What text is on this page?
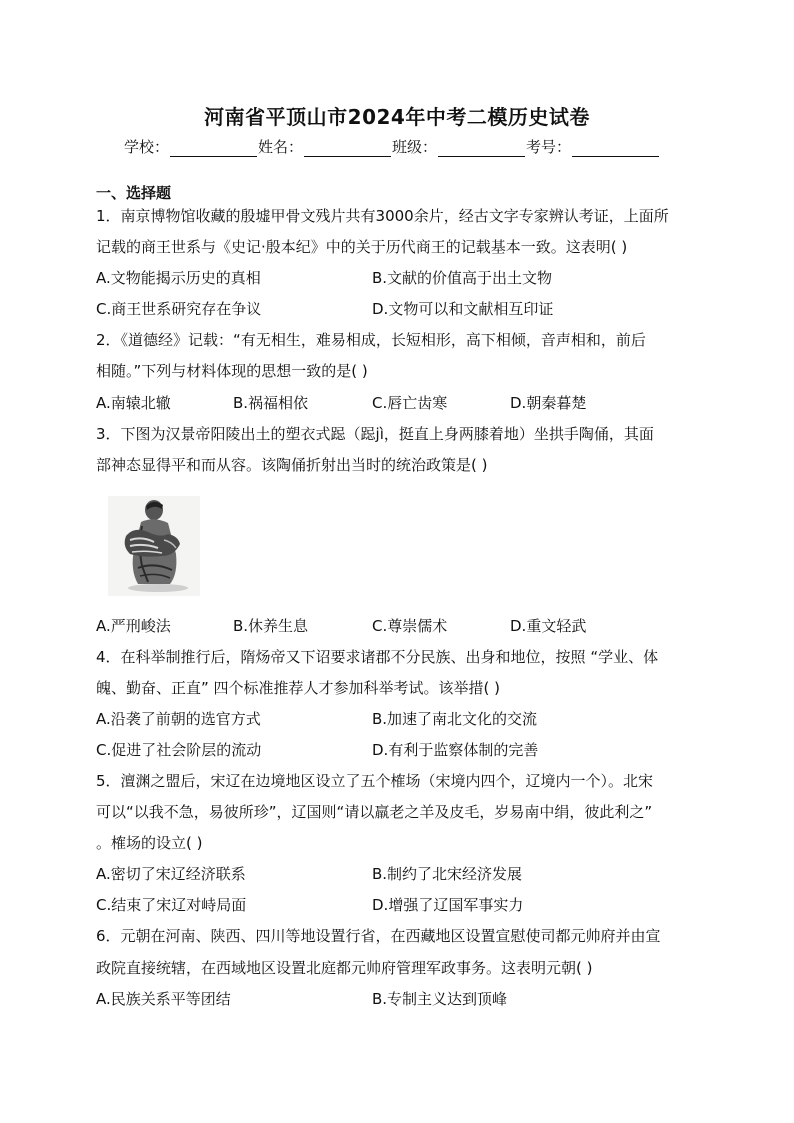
河南省平顶山市2024年中考二模历史试卷
学校：	姓名：	班级：	考号：
一、选择题
1．南京博物馆收藏的殷墟甲骨文残片共有3000余片，经古文字专家辨认考证，上面所
记载的商王世系与《史记·殷本纪》中的关于历代商王的记载基本一致。这表明( )
A.文物能揭示历史的真相	B.文献的价值高于出土文物
C.商王世系研究存在争议	D.文物可以和文献相互印证
2．《道德经》记载：“有无相生，难易相成，长短相形，高下相倾，音声相和，前后
相随。”下列与材料体现的思想一致的是( )
A.南辕北辙	B.祸福相依	C.唇亡齿寒	D.朝秦暮楚
3．下图为汉景帝阳陵出土的塑衣式跽（跽jì，挺直上身两膝着地）坐拱手陶俑，其面
部神态显得平和而从容。该陶俑折射出当时的统治政策是( )
A.严刑峻法	B.休养生息	C.尊崇儒术	D.重文轻武
4．在科举制推行后，隋炀帝又下诏要求诸郡不分民族、出身和地位，按照 “学业、体
魄、勤奋、正直” 四个标准推荐人才参加科举考试。该举措( )
A.沿袭了前朝的选官方式	B.加速了南北文化的交流
C.促进了社会阶层的流动	D.有利于监察体制的完善
5．澶渊之盟后，宋辽在边境地区设立了五个榷场（宋境内四个，辽境内一个）。北宋
可以“以我不急，易彼所珍”，辽国则“请以羸老之羊及皮毛，岁易南中绢，彼此利之”
。榷场的设立( )
A.密切了宋辽经济联系	B.制约了北宋经济发展
C.结束了宋辽对峙局面	D.增强了辽国军事实力
6．元朝在河南、陕西、四川等地设置行省，在西藏地区设置宣慰使司都元帅府并由宣
政院直接统辖，在西域地区设置北庭都元帅府管理军政事务。这表明元朝( )
A.民族关系平等团结	B.专制主义达到顶峰
